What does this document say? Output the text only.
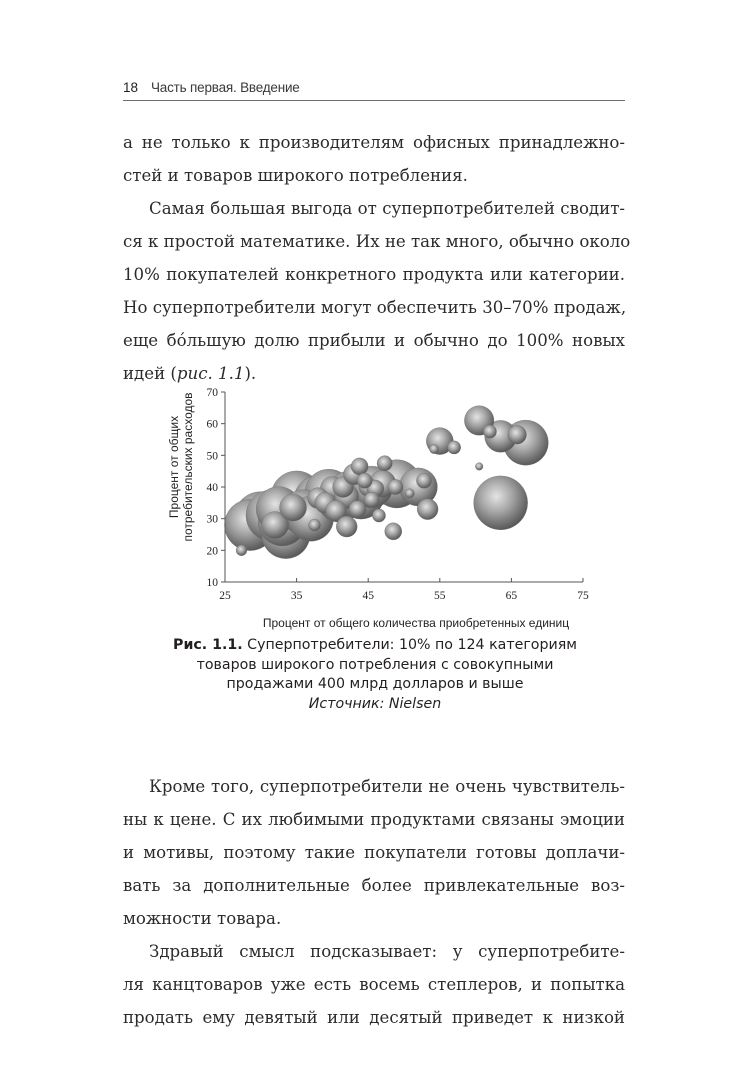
18 Часть первая. Введение
а не только к производителям офисных принадлежно-
стей и товаров широкого потребления.
Самая большая выгода от суперпотребителей сводит-
ся к простой математике. Их не так много, обычно около
10% покупателей конкретного продукта или категории.
Но суперпотребители могут обеспечить 30–70% продаж,
еще бóльшую долю прибыли и обычно до 100% новых
идей (рис. 1.1).
10
20
30
40
50
60
70
25	35	45	55	65	75
Процент от общих потребительских расходов
Процент от общего количества приобретенных единиц
Рис. 1.1. Суперпотребители: 10% по 124 категориям
товаров широкого потребления с совокупными
продажами 400 млрд долларов и выше
Источник: Nielsen
Кроме того, суперпотребители не очень чувствитель-
ны к цене. С их любимыми продуктами связаны эмоции
и мотивы, поэтому такие покупатели готовы доплачи-
вать за дополнительные более привлекательные воз-
можности товара.
Здравый смысл подсказывает: у суперпотребите-
ля канцтоваров уже есть восемь степлеров, и попытка
продать ему девятый или десятый приведет к низкой
